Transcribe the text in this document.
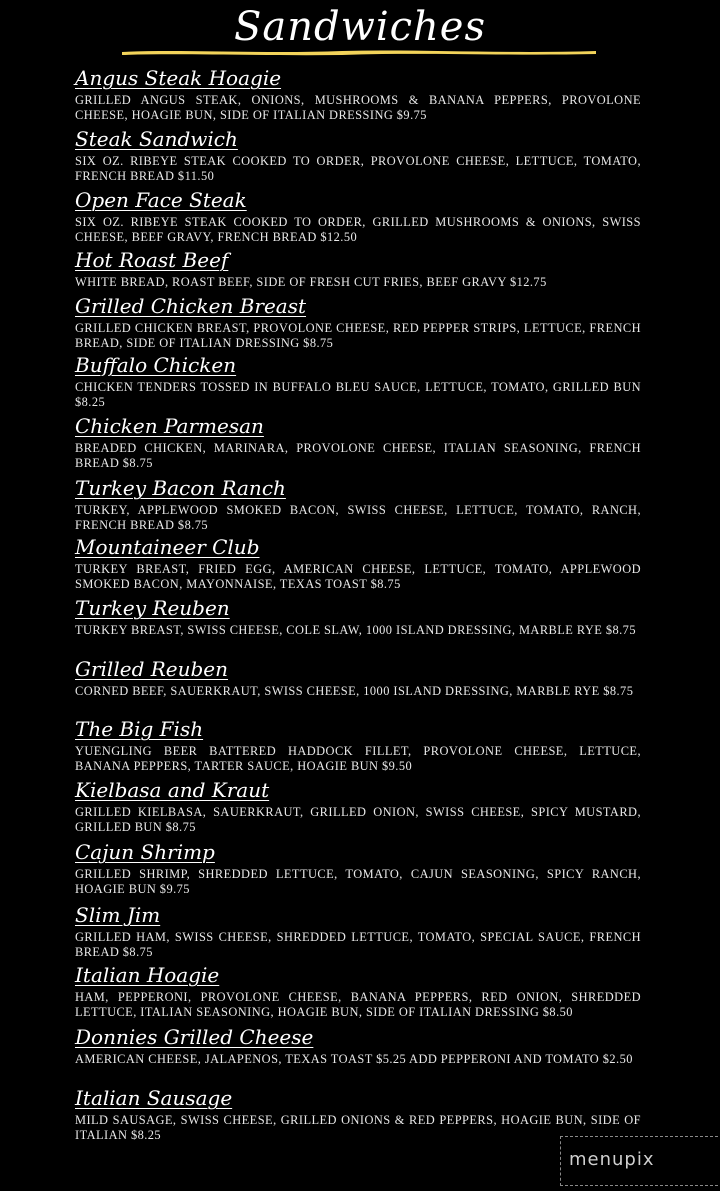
Sandwiches
Angus Steak Hoagie
GRILLED ANGUS STEAK, ONIONS, MUSHROOMS & BANANA PEPPERS, PROVOLONE CHEESE, HOAGIE BUN, SIDE OF ITALIAN DRESSING $9.75
Steak Sandwich
SIX OZ. RIBEYE STEAK COOKED TO ORDER, PROVOLONE CHEESE, LETTUCE, TOMATO, FRENCH BREAD $11.50
Open Face Steak
SIX OZ. RIBEYE STEAK COOKED TO ORDER, GRILLED MUSHROOMS & ONIONS, SWISS CHEESE, BEEF GRAVY, FRENCH BREAD $12.50
Hot Roast Beef
WHITE BREAD, ROAST BEEF, SIDE OF FRESH CUT FRIES, BEEF GRAVY $12.75
Grilled Chicken Breast
GRILLED CHICKEN BREAST, PROVOLONE CHEESE, RED PEPPER STRIPS, LETTUCE, FRENCH BREAD, SIDE OF ITALIAN DRESSING $8.75
Buffalo Chicken
CHICKEN TENDERS TOSSED IN BUFFALO BLEU SAUCE, LETTUCE, TOMATO, GRILLED BUN $8.25
Chicken Parmesan
BREADED CHICKEN, MARINARA, PROVOLONE CHEESE, ITALIAN SEASONING, FRENCH BREAD $8.75
Turkey Bacon Ranch
TURKEY, APPLEWOOD SMOKED BACON, SWISS CHEESE, LETTUCE, TOMATO, RANCH, FRENCH BREAD $8.75
Mountaineer Club
TURKEY BREAST, FRIED EGG, AMERICAN CHEESE, LETTUCE, TOMATO, APPLEWOOD SMOKED BACON, MAYONNAISE, TEXAS TOAST $8.75
Turkey Reuben
TURKEY BREAST, SWISS CHEESE, COLE SLAW, 1000 ISLAND DRESSING, MARBLE RYE $8.75
Grilled Reuben
CORNED BEEF, SAUERKRAUT, SWISS CHEESE, 1000 ISLAND DRESSING, MARBLE RYE $8.75
The Big Fish
YUENGLING BEER BATTERED HADDOCK FILLET, PROVOLONE CHEESE, LETTUCE, BANANA PEPPERS, TARTER SAUCE, HOAGIE BUN $9.50
Kielbasa and Kraut
GRILLED KIELBASA, SAUERKRAUT, GRILLED ONION, SWISS CHEESE, SPICY MUSTARD, GRILLED BUN $8.75
Cajun Shrimp
GRILLED SHRIMP, SHREDDED LETTUCE, TOMATO, CAJUN SEASONING, SPICY RANCH, HOAGIE BUN $9.75
Slim Jim
GRILLED HAM, SWISS CHEESE, SHREDDED LETTUCE, TOMATO, SPECIAL SAUCE, FRENCH BREAD $8.75
Italian Hoagie
HAM, PEPPERONI, PROVOLONE CHEESE, BANANA PEPPERS, RED ONION, SHREDDED LETTUCE, ITALIAN SEASONING, HOAGIE BUN, SIDE OF ITALIAN DRESSING $8.50
Donnies Grilled Cheese
AMERICAN CHEESE, JALAPENOS, TEXAS TOAST $5.25 ADD PEPPERONI AND TOMATO $2.50
Italian Sausage
MILD SAUSAGE, SWISS CHEESE, GRILLED ONIONS & RED PEPPERS, HOAGIE BUN, SIDE OF ITALIAN $8.25
menupix
